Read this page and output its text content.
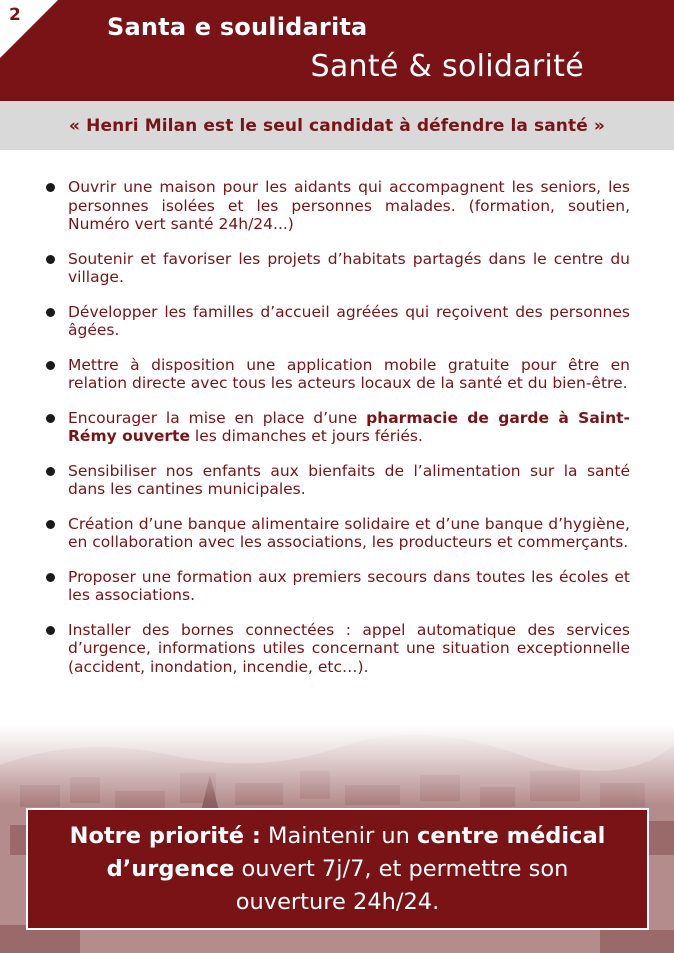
2	Santa e soulidarita
Santé & solidarité

« Henri Milan est le seul candidat à défendre la santé »

Ouvrir une maison pour les aidants qui accompagnent les seniors, les personnes isolées et les personnes malades. (formation, soutien, Numéro vert santé 24h/24...)
Soutenir et favoriser les projets d’habitats partagés dans le centre du village.
Développer les familles d’accueil agréées qui reçoivent des personnes âgées.
Mettre à disposition une application mobile gratuite pour être en relation directe avec tous les acteurs locaux de la santé et du bien-être.
Encourager la mise en place d’une pharmacie de garde à Saint-Rémy ouverte les dimanches et jours fériés.
Sensibiliser nos enfants aux bienfaits de l’alimentation sur la santé dans les cantines municipales.
Création d’une banque alimentaire solidaire et d’une banque d’hygiène, en collaboration avec les associations, les producteurs et commerçants.
Proposer une formation aux premiers secours dans toutes les écoles et les associations.
Installer des bornes connectées : appel automatique des services d’urgence, informations utiles concernant une situation exceptionnelle (accident, inondation, incendie, etc…).

Notre priorité : Maintenir un centre médical d’urgence ouvert 7j/7, et permettre son ouverture 24h/24.
